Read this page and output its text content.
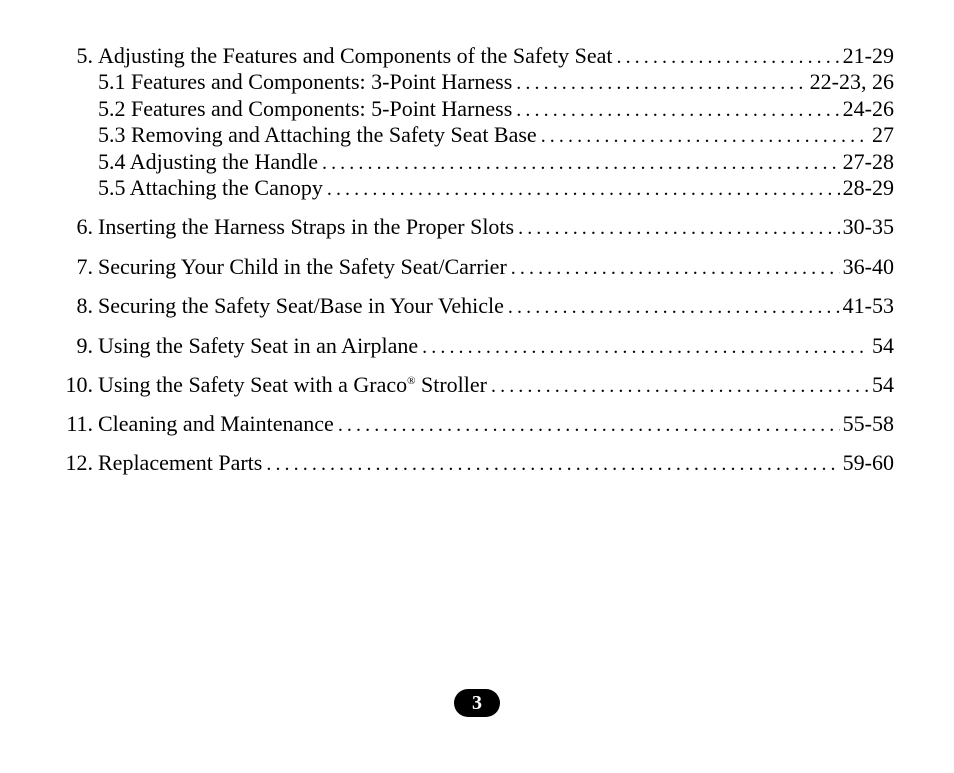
5. Adjusting the Features and Components of the Safety Seat .....	21-29
5.1 Features and Components: 3-Point Harness .....	22-23, 26
5.2 Features and Components: 5-Point Harness .....	24-26
5.3 Removing and Attaching the Safety Seat Base .....	27
5.4 Adjusting the Handle .....	27-28
5.5 Attaching the Canopy .....	28-29
6. Inserting the Harness Straps in the Proper Slots .....	30-35
7. Securing Your Child in the Safety Seat/Carrier .....	36-40
8. Securing the Safety Seat/Base in Your Vehicle .....	41-53
9. Using the Safety Seat in an Airplane .....	54
10. Using the Safety Seat with a Graco® Stroller .....	54
11. Cleaning and Maintenance .....	55-58
12. Replacement Parts .....	59-60
3
